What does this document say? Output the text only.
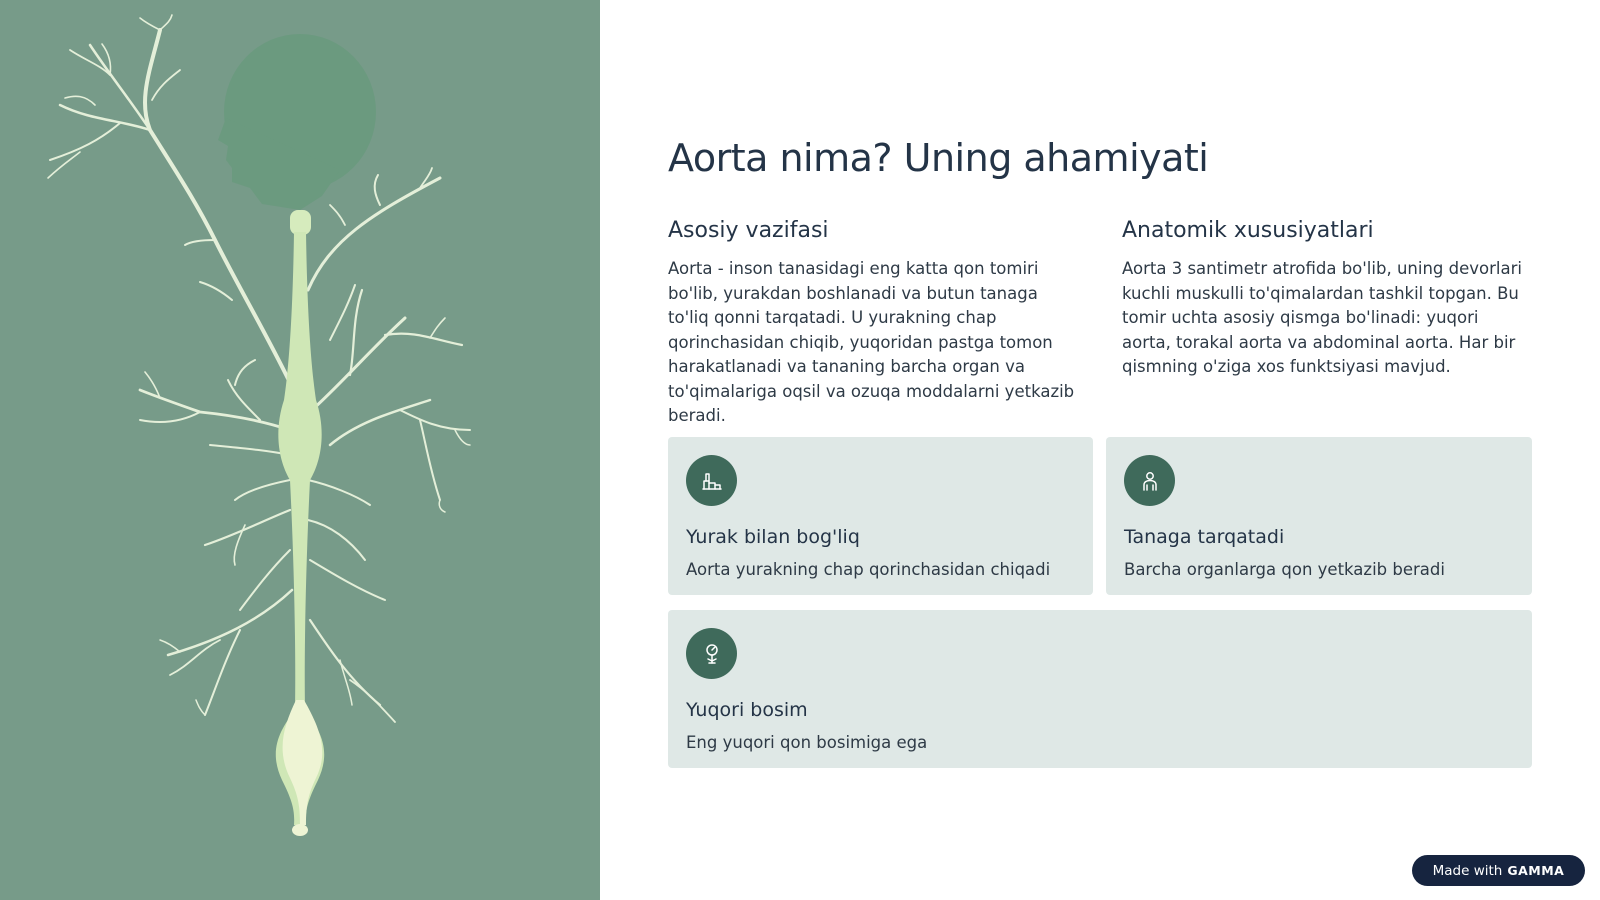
Aorta nima? Uning ahamiyati
Asosiy vazifasi

Aorta - inson tanasidagi eng katta qon tomiri bo'lib, yurakdan boshlanadi va butun tanaga to'liq qonni tarqatadi. U yurakning chap qorinchasidan chiqib, yuqoridan pastga tomon harakatlanadi va tananing barcha organ va to'qimalariga oqsil va ozuqa moddalarni yetkazib beradi.

Anatomik xususiyatlari

Aorta 3 santimetr atrofida bo'lib, uning devorlari kuchli muskulli to'qimalardan tashkil topgan. Bu tomir uchta asosiy qismga bo'linadi: yuqori aorta, torakal aorta va abdominal aorta. Har bir qismning o'ziga xos funktsiyasi mavjud.

Yurak bilan bog'liq

Aorta yurakning chap qorinchasidan chiqadi

Tanaga tarqatadi

Barcha organlarga qon yetkazib beradi

Yuqori bosim

Eng yuqori qon bosimiga ega

Made with GAMMA
